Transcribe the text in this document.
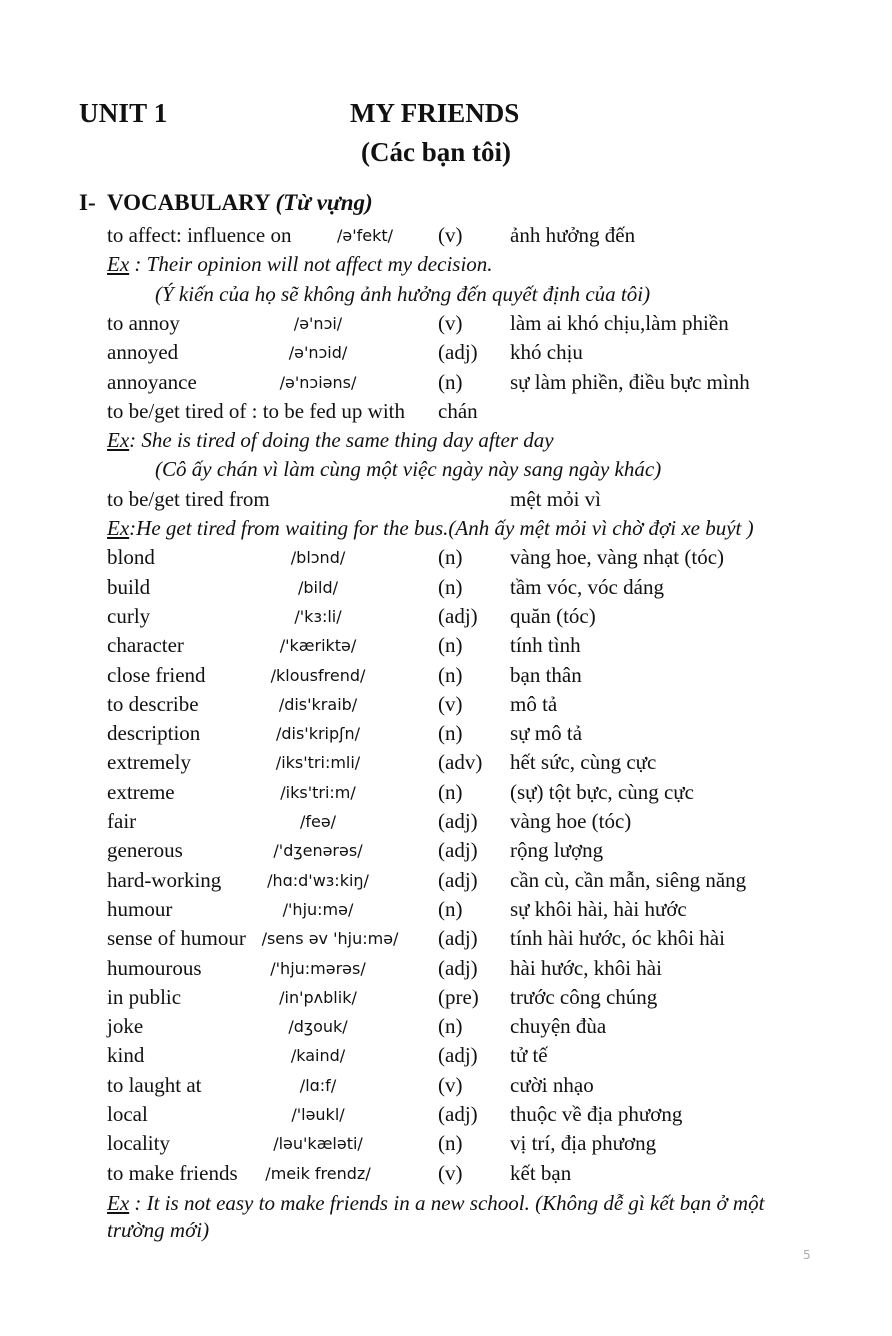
UNIT 1	MY FRIENDS
(Các bạn tôi)
I- VOCABULARY (Từ vựng)
to affect: influence on	/ə'fekt/ (v) ảnh hưởng đến
Ex : Their opinion will not affect my decision.
(Ý kiến của họ sẽ không ảnh hưởng đến quyết định của tôi)
to annoy	/ə'nɔi/	(v) làm ai khó chịu,làm phiền
annoyed	/ə'nɔid/	(adj) khó chịu
annoyance	/ə'nɔiəns/	(n) sự làm phiền, điều bực mình
to be/get tired of : to be fed up with chán
Ex: She is tired of doing the same thing day after day
(Cô ấy chán vì làm cùng một việc ngày này sang ngày khác)
to be/get tired from	mệt mỏi vì
Ex:He get tired from waiting for the bus.(Anh ấy mệt mỏi vì chờ đợi xe buýt )
blond	/blɔnd/	(n) vàng hoe, vàng nhạt (tóc)
build	/bild/	(n) tầm vóc, vóc dáng
curly	/'kɜ:li/	(adj) quăn (tóc)
character	/'kæriktə/	(n) tính tình
close friend	/klousfrend/	(n) bạn thân
to describe	/dis'kraib/	(v) mô tả
description	/dis'kripʃn/	(n) sự mô tả
extremely	/iks'tri:mli/	(adv) hết sức, cùng cực
extreme	/iks'tri:m/	(n) (sự) tột bực, cùng cực
fair	/feə/	(adj) vàng hoe (tóc)
generous	/'dʒenərəs/	(adj) rộng lượng
hard-working	/hɑ:d'wɜ:kiŋ/	(adj) cần cù, cần mẫn, siêng năng
humour	/'hju:mə/	(n) sự khôi hài, hài hước
sense of humour /sens əv 'hju:mə/ (adj) tính hài hước, óc khôi hài
humourous	/'hju:mərəs/	(adj) hài hước, khôi hài
in public	/in'pʌblik/	(pre) trước công chúng
joke	/dʒouk/	(n) chuyện đùa
kind	/kaind/	(adj) tử tế
to laught at	/lɑ:f/	(v) cười nhạo
local	/'ləukl/	(adj) thuộc về địa phương
locality	/ləu'kæləti/	(n) vị trí, địa phương
to make friends /meik frendz/	(v) kết bạn
Ex : It is not easy to make friends in a new school. (Không dễ gì kết bạn ở một trường mới)
5
